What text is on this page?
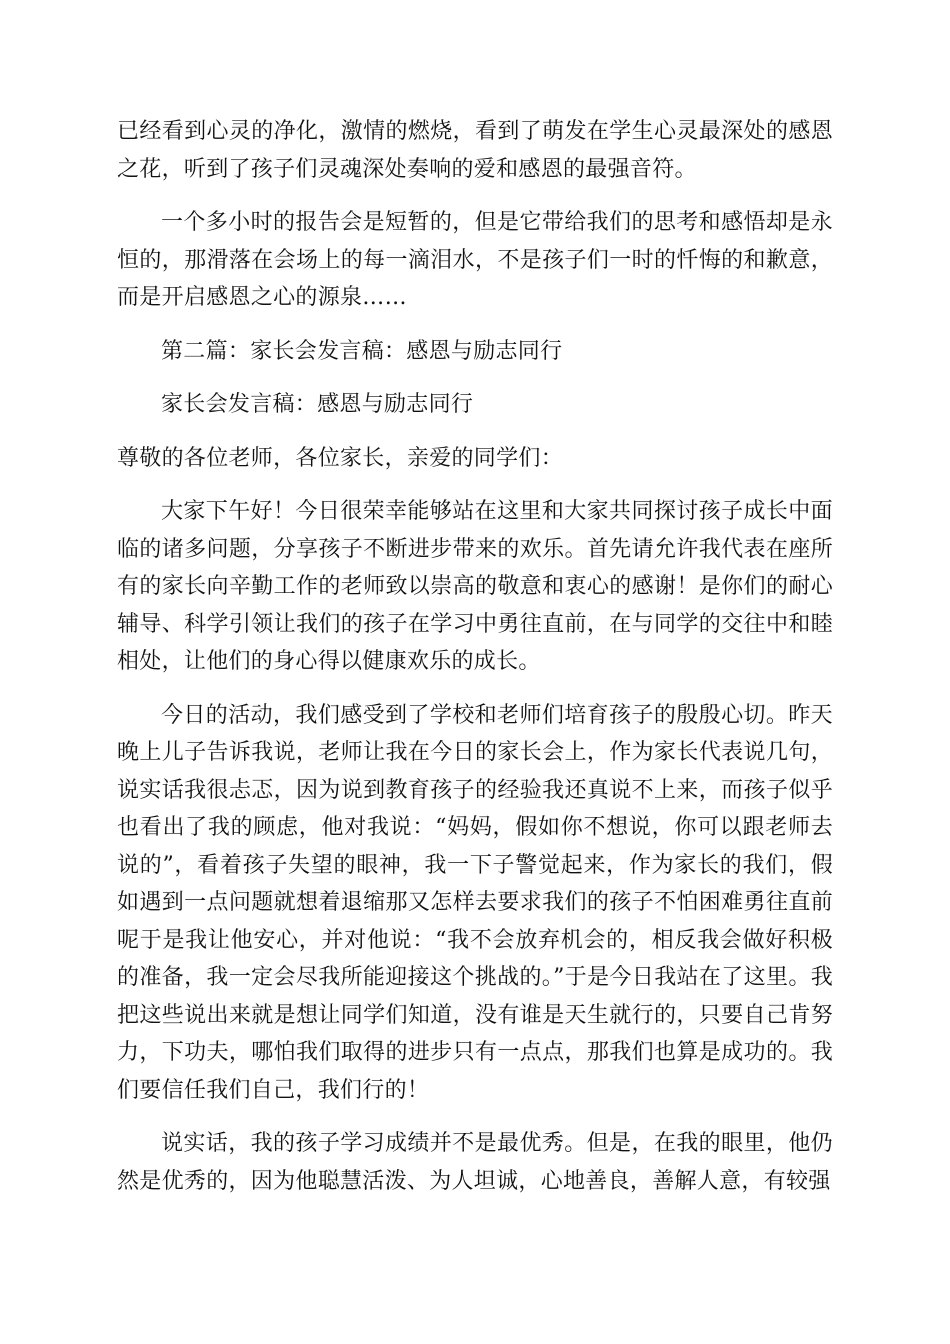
已经看到心灵的净化，激情的燃烧，看到了萌发在学生心灵最深处的感恩之花，听到了孩子们灵魂深处奏响的爱和感恩的最强音符。

一个多小时的报告会是短暂的，但是它带给我们的思考和感悟却是永恒的，那滑落在会场上的每一滴泪水，不是孩子们一时的忏悔的和歉意，而是开启感恩之心的源泉……

第二篇：家长会发言稿：感恩与励志同行

家长会发言稿：感恩与励志同行

尊敬的各位老师，各位家长，亲爱的同学们：

大家下午好！今日很荣幸能够站在这里和大家共同探讨孩子成长中面临的诸多问题，分享孩子不断进步带来的欢乐。首先请允许我代表在座所有的家长向辛勤工作的老师致以崇高的敬意和衷心的感谢！是你们的耐心辅导、科学引领让我们的孩子在学习中勇往直前，在与同学的交往中和睦相处，让他们的身心得以健康欢乐的成长。

今日的活动，我们感受到了学校和老师们培育孩子的殷殷心切。昨天晚上儿子告诉我说，老师让我在今日的家长会上，作为家长代表说几句，说实话我很忐忑，因为说到教育孩子的经验我还真说不上来，而孩子似乎也看出了我的顾虑，他对我说：“妈妈，假如你不想说，你可以跟老师去说的”，看着孩子失望的眼神，我一下子警觉起来，作为家长的我们，假如遇到一点问题就想着退缩那又怎样去要求我们的孩子不怕困难勇往直前呢于是我让他安心，并对他说：“我不会放弃机会的，相反我会做好积极的准备，我一定会尽我所能迎接这个挑战的。”于是今日我站在了这里。我把这些说出来就是想让同学们知道，没有谁是天生就行的，只要自己肯努力，下功夫，哪怕我们取得的进步只有一点点，那我们也算是成功的。我们要信任我们自己，我们行的！

说实话，我的孩子学习成绩并不是最优秀。但是，在我的眼里，他仍然是优秀的，因为他聪慧活泼、为人坦诚，心地善良，善解人意，有较强
